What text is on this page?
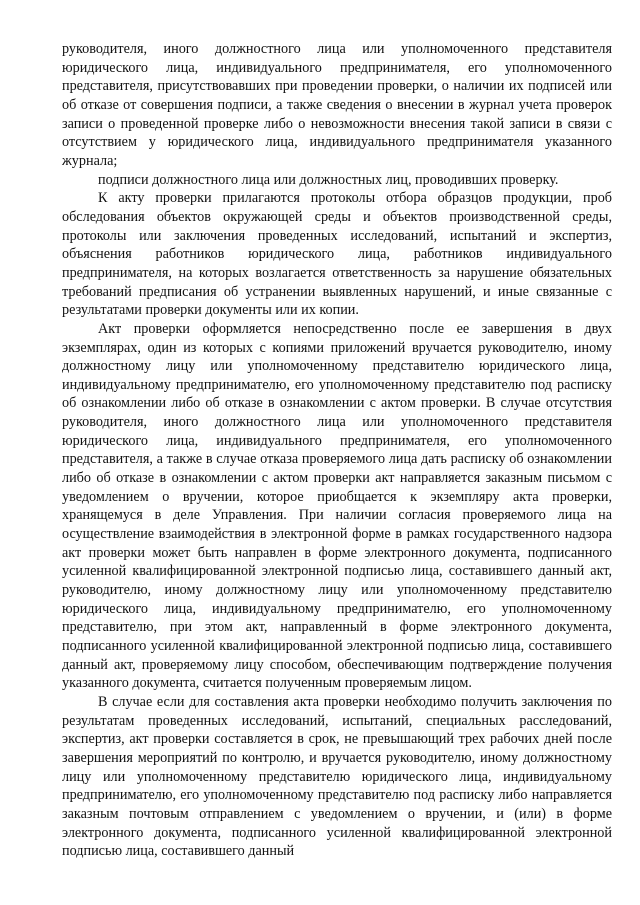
руководителя, иного должностного лица или уполномоченного представителя юридического лица, индивидуального предпринимателя, его уполномоченного представителя, присутствовавших при проведении проверки, о наличии их подписей или об отказе от совершения подписи, а также сведения о внесении в журнал учета проверок записи о проведенной проверке либо о невозможности внесения такой записи в связи с отсутствием у юридического лица, индивидуального предпринимателя указанного журнала;

подписи должностного лица или должностных лиц, проводивших проверку.

К акту проверки прилагаются протоколы отбора образцов продукции, проб обследования объектов окружающей среды и объектов производственной среды, протоколы или заключения проведенных исследований, испытаний и экспертиз, объяснения работников юридического лица, работников индивидуального предпринимателя, на которых возлагается ответственность за нарушение обязательных требований предписания об устранении выявленных нарушений, и иные связанные с результатами проверки документы или их копии.

Акт проверки оформляется непосредственно после ее завершения в двух экземплярах, один из которых с копиями приложений вручается руководителю, иному должностному лицу или уполномоченному представителю юридического лица, индивидуальному предпринимателю, его уполномоченному представителю под расписку об ознакомлении либо об отказе в ознакомлении с актом проверки. В случае отсутствия руководителя, иного должностного лица или уполномоченного представителя юридического лица, индивидуального предпринимателя, его уполномоченного представителя, а также в случае отказа проверяемого лица дать расписку об ознакомлении либо об отказе в ознакомлении с актом проверки акт направляется заказным письмом с уведомлением о вручении, которое приобщается к экземпляру акта проверки, хранящемуся в деле Управления. При наличии согласия проверяемого лица на осуществление взаимодействия в электронной форме в рамках государственного надзора акт проверки может быть направлен в форме электронного документа, подписанного усиленной квалифицированной электронной подписью лица, составившего данный акт, руководителю, иному должностному лицу или уполномоченному представителю юридического лица, индивидуальному предпринимателю, его уполномоченному представителю, при этом акт, направленный в форме электронного документа, подписанного усиленной квалифицированной электронной подписью лица, составившего данный акт, проверяемому лицу способом, обеспечивающим подтверждение получения указанного документа, считается полученным проверяемым лицом.

В случае если для составления акта проверки необходимо получить заключения по результатам проведенных исследований, испытаний, специальных расследований, экспертиз, акт проверки составляется в срок, не превышающий трех рабочих дней после завершения мероприятий по контролю, и вручается руководителю, иному должностному лицу или уполномоченному представителю юридического лица, индивидуальному предпринимателю, его уполномоченному представителю под расписку либо направляется заказным почтовым отправлением с уведомлением о вручении, и (или) в форме электронного документа, подписанного усиленной квалифицированной электронной подписью лица, составившего данный
